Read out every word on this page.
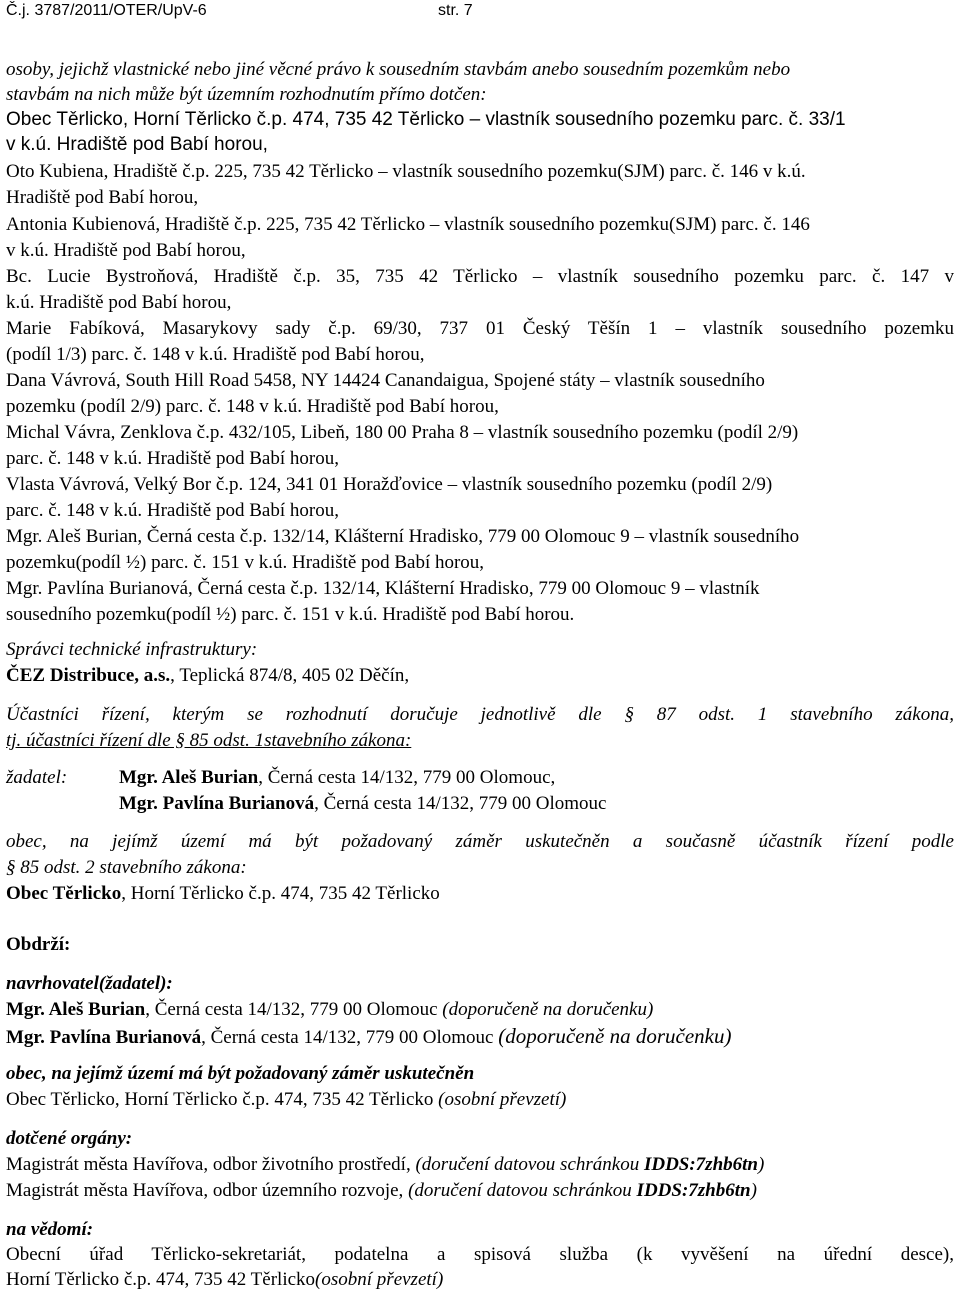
Č.j. 3787/2011/OTER/UpV-6	str. 7
osoby, jejichž vlastnické nebo jiné věcné právo k sousedním stavbám anebo sousedním pozemkům nebo
stavbám na nich může být územním rozhodnutím přímo dotčen:
Obec Těrlicko, Horní Těrlicko č.p. 474, 735 42 Těrlicko – vlastník sousedního pozemku parc. č. 33/1
v k.ú. Hradiště pod Babí horou,
Oto Kubiena, Hradiště č.p. 225, 735 42 Těrlicko – vlastník sousedního pozemku(SJM) parc. č. 146 v k.ú.
Hradiště pod Babí horou,
Antonia Kubienová, Hradiště č.p. 225, 735 42 Těrlicko – vlastník sousedního pozemku(SJM) parc. č. 146
v k.ú. Hradiště pod Babí horou,
Bc. Lucie Bystroňová, Hradiště č.p. 35, 735 42 Těrlicko – vlastník sousedního pozemku parc. č. 147 v
k.ú. Hradiště pod Babí horou,
Marie Fabíková, Masarykovy sady č.p. 69/30, 737 01 Český Těšín 1 – vlastník sousedního pozemku
(podíl 1/3) parc. č. 148 v k.ú. Hradiště pod Babí horou,
Dana Vávrová, South Hill Road 5458, NY 14424 Canandaigua, Spojené státy – vlastník sousedního
pozemku (podíl 2/9) parc. č. 148 v k.ú. Hradiště pod Babí horou,
Michal Vávra, Zenklova č.p. 432/105, Libeň, 180 00 Praha 8 – vlastník sousedního pozemku (podíl 2/9)
parc. č. 148 v k.ú. Hradiště pod Babí horou,
Vlasta Vávrová, Velký Bor č.p. 124, 341 01 Horažďovice – vlastník sousedního pozemku (podíl 2/9)
parc. č. 148 v k.ú. Hradiště pod Babí horou,
Mgr. Aleš Burian, Černá cesta č.p. 132/14, Klášterní Hradisko, 779 00 Olomouc 9 – vlastník sousedního
pozemku(podíl ½) parc. č. 151 v k.ú. Hradiště pod Babí horou,
Mgr. Pavlína Burianová, Černá cesta č.p. 132/14, Klášterní Hradisko, 779 00 Olomouc 9 – vlastník
sousedního pozemku(podíl ½) parc. č. 151 v k.ú. Hradiště pod Babí horou.
Správci technické infrastruktury:
ČEZ Distribuce, a.s., Teplická 874/8, 405 02 Děčín,
Účastníci řízení, kterým se rozhodnutí doručuje jednotlivě dle § 87 odst. 1 stavebního zákona,
tj. účastníci řízení dle § 85 odst. 1stavebního zákona:
žadatel:	Mgr. Aleš Burian, Černá cesta 14/132, 779 00 Olomouc,
Mgr. Pavlína Burianová, Černá cesta 14/132, 779 00 Olomouc
obec, na jejímž území má být požadovaný záměr uskutečněn a současně účastník řízení podle
§ 85 odst. 2 stavebního zákona:
Obec Těrlicko, Horní Těrlicko č.p. 474, 735 42 Těrlicko
Obdrží:
navrhovatel(žadatel):
Mgr. Aleš Burian, Černá cesta 14/132, 779 00 Olomouc (doporučeně na doručenku)
Mgr. Pavlína Burianová, Černá cesta 14/132, 779 00 Olomouc (doporučeně na doručenku)
obec, na jejímž území má být požadovaný záměr uskutečněn
Obec Těrlicko, Horní Těrlicko č.p. 474, 735 42 Těrlicko (osobní převzetí)
dotčené orgány:
Magistrát města Havířova, odbor životního prostředí, (doručení datovou schránkou IDDS:7zhb6tn)
Magistrát města Havířova, odbor územního rozvoje, (doručení datovou schránkou IDDS:7zhb6tn)
na vědomí:
Obecní úřad Těrlicko-sekretariát, podatelna a spisová služba (k vyvěšení na úřední desce),
Horní Těrlicko č.p. 474, 735 42 Těrlicko(osobní převzetí)
